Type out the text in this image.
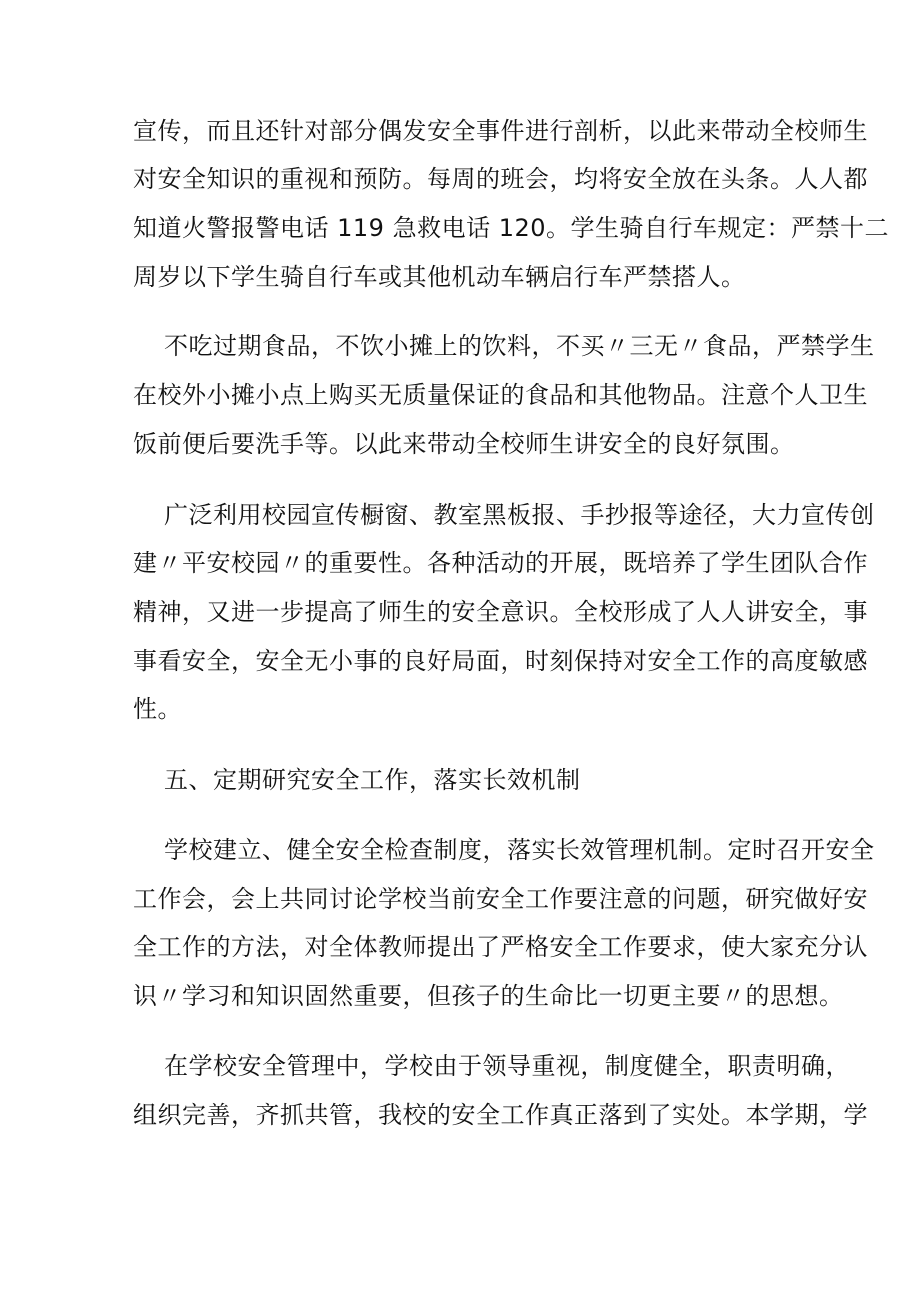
宣传，而且还针对部分偶发安全事件进行剖析，以此来带动全校师生
对安全知识的重视和预防。每周的班会，均将安全放在头条。人人都
知道火警报警电话 119 急救电话 120。学生骑自行车规定：严禁十二
周岁以下学生骑自行车或其他机动车辆启行车严禁搭人。
不吃过期食品，不饮小摊上的饮料，不买〃三无〃食品，严禁学生
在校外小摊小点上购买无质量保证的食品和其他物品。注意个人卫生
饭前便后要洗手等。以此来带动全校师生讲安全的良好氛围。
广泛利用校园宣传橱窗、教室黑板报、手抄报等途径，大力宣传创
建〃平安校园〃的重要性。各种活动的开展，既培养了学生团队合作
精神，又进一步提高了师生的安全意识。全校形成了人人讲安全，事
事看安全，安全无小事的良好局面，时刻保持对安全工作的高度敏感
性。
五、定期研究安全工作，落实长效机制
学校建立、健全安全检查制度，落实长效管理机制。定时召开安全
工作会，会上共同讨论学校当前安全工作要注意的问题，研究做好安
全工作的方法，对全体教师提出了严格安全工作要求，使大家充分认
识〃学习和知识固然重要，但孩子的生命比一切更主要〃的思想。
在学校安全管理中，学校由于领导重视，制度健全，职责明确，
组织完善，齐抓共管，我校的安全工作真正落到了实处。本学期，学
